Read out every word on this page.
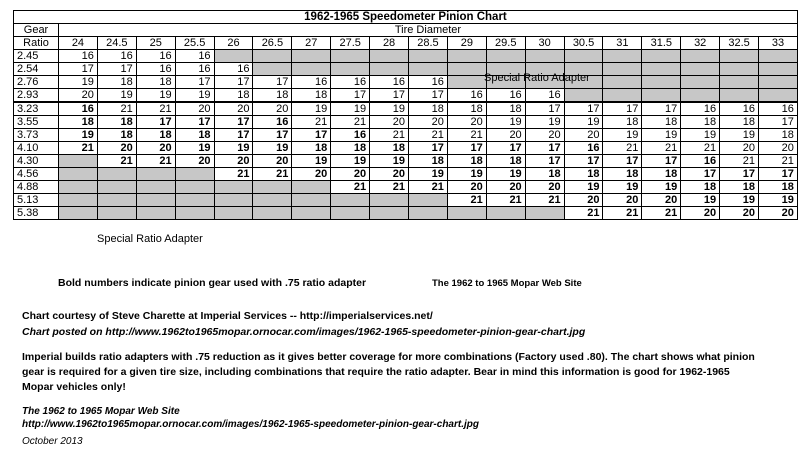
1962-1965 Speedometer Pinion Chart																			
Gear	Tire Diameter																		
Ratio	24	24.5	25	25.5	26	26.5	27	27.5	28	28.5	29	29.5	30	30.5	31	31.5	32	32.5	33
2.45	16	16	16	16															
2.54	17	17	16	16	16														
2.76	19	18	18	17	17	17	16	16	16	16									
2.93	20	19	19	19	18	18	18	17	17	17	16	16	16						
3.23	16	21	21	20	20	20	19	19	19	18	18	18	17	17	17	17	16	16	16
3.55	18	18	17	17	17	16	21	21	20	20	20	19	19	19	18	18	18	18	17
3.73	19	18	18	18	17	17	17	16	21	21	21	20	20	20	19	19	19	19	18
4.10	21	20	20	19	19	19	18	18	18	17	17	17	17	16	21	21	21	20	20
4.30		21	21	20	20	20	19	19	19	18	18	18	17	17	17	17	16	21	21
4.56					21	21	20	20	20	19	19	19	18	18	18	18	17	17	17
4.88								21	21	21	20	20	20	19	19	19	18	18	18
5.13											21	21	21	20	20	20	19	19	19
5.38														21	21	21	20	20	20
Special Ratio Adapter
Special Ratio Adapter
Bold numbers indicate pinion gear used with .75 ratio adapter	The 1962 to 1965 Mopar Web Site
Chart courtesy of Steve Charette at Imperial Services -- http://imperialservices.net/
Chart posted on http://www.1962to1965mopar.ornocar.com/images/1962-1965-speedometer-pinion-gear-chart.jpg
Imperial builds ratio adapters with .75 reduction as it gives better coverage for more combinations (Factory used .80). The chart shows what pinion
gear is required for a given tire size, including combinations that require the ratio adapter. Bear in mind this information is good for 1962-1965
Mopar vehicles only!
The 1962 to 1965 Mopar Web Site
http://www.1962to1965mopar.ornocar.com/images/1962-1965-speedometer-pinion-gear-chart.jpg
October 2013
